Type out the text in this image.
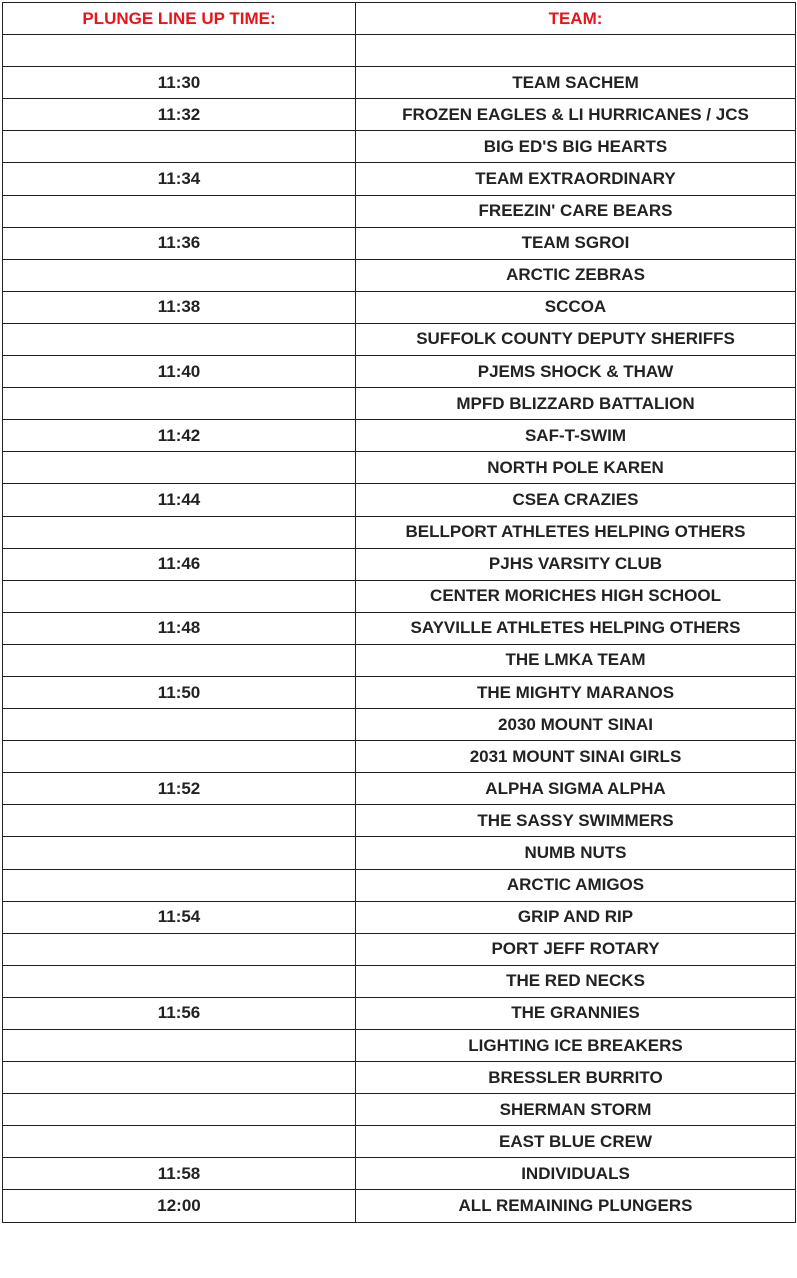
PLUNGE LINE UP TIME:	TEAM:

11:30	TEAM SACHEM
11:32	FROZEN EAGLES & LI HURRICANES / JCS
	BIG ED'S BIG HEARTS
11:34	TEAM EXTRAORDINARY
	FREEZIN' CARE BEARS
11:36	TEAM SGROI
	ARCTIC ZEBRAS
11:38	SCCOA
	SUFFOLK COUNTY DEPUTY SHERIFFS
11:40	PJEMS SHOCK & THAW
	MPFD BLIZZARD BATTALION
11:42	SAF-T-SWIM
	NORTH POLE KAREN
11:44	CSEA CRAZIES
	BELLPORT ATHLETES HELPING OTHERS
11:46	PJHS VARSITY CLUB
	CENTER MORICHES HIGH SCHOOL
11:48	SAYVILLE ATHLETES HELPING OTHERS
	THE LMKA TEAM
11:50	THE MIGHTY MARANOS
	2030 MOUNT SINAI
	2031 MOUNT SINAI GIRLS
11:52	ALPHA SIGMA ALPHA
	THE SASSY SWIMMERS
	NUMB NUTS
	ARCTIC AMIGOS
11:54	GRIP AND RIP
	PORT JEFF ROTARY
	THE RED NECKS
11:56	THE GRANNIES
	LIGHTING ICE BREAKERS
	BRESSLER BURRITO
	SHERMAN STORM
	EAST BLUE CREW
11:58	INDIVIDUALS
12:00	ALL REMAINING PLUNGERS
